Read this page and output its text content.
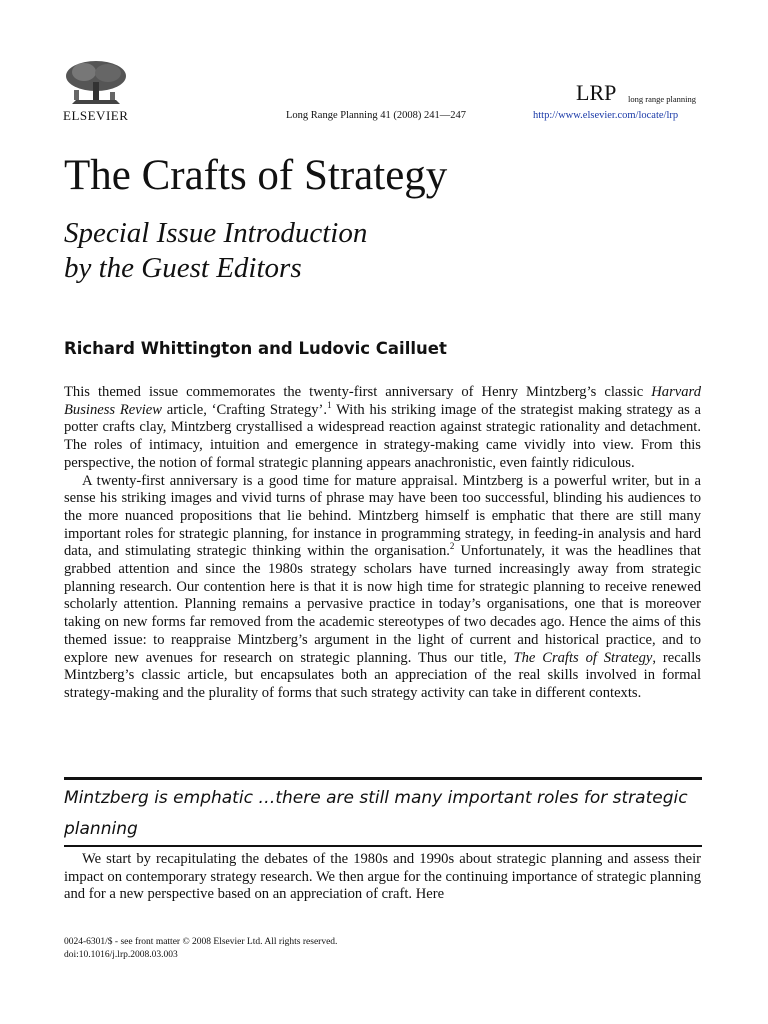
ELSEVIER	Long Range Planning 41 (2008) 241—247
LRP long range planning
http://www.elsevier.com/locate/lrp
The Crafts of Strategy
Special Issue Introduction
by the Guest Editors
Richard Whittington and Ludovic Cailluet

This themed issue commemorates the twenty-first anniversary of Henry Mintzberg’s classic Harvard Business Review article, ‘Crafting Strategy’.$^1$ With his striking image of the strategist making strategy as a potter crafts clay, Mintzberg crystallised a widespread reaction against strategic rationality and detachment. The roles of intimacy, intuition and emergence in strategy-making came vividly into view. From this perspective, the notion of formal strategic planning appears anachronistic, even faintly ridiculous.

A twenty-first anniversary is a good time for mature appraisal. Mintzberg is a powerful writer, but in a sense his striking images and vivid turns of phrase may have been too successful, blinding his audiences to the more nuanced propositions that lie behind. Mintzberg himself is emphatic that there are still many important roles for strategic planning, for instance in programming strategy, in feeding-in analysis and hard data, and stimulating strategic thinking within the organisation.$^2$ Unfortunately, it was the headlines that grabbed attention and since the 1980s strategy scholars have turned increasingly away from strategic planning research. Our contention here is that it is now high time for strategic planning to receive renewed scholarly attention. Planning remains a pervasive practice in today’s organisations, one that is moreover taking on new forms far removed from the academic stereotypes of two decades ago. Hence the aims of this themed issue: to reappraise Mintzberg’s argument in the light of current and historical practice, and to explore new avenues for research on strategic planning. Thus our title, The Crafts of Strategy, recalls Mintzberg’s classic article, but encapsulates both an appreciation of the real skills involved in formal strategy-making and the plurality of forms that such strategy activity can take in different contexts.

Mintzberg is emphatic …there are still many important roles for strategic planning

We start by recapitulating the debates of the 1980s and 1990s about strategic planning and assess their impact on contemporary strategy research. We then argue for the continuing importance of strategic planning and for a new perspective based on an appreciation of craft. Here

0024-6301/$ - see front matter © 2008 Elsevier Ltd. All rights reserved.
doi:10.1016/j.lrp.2008.03.003
